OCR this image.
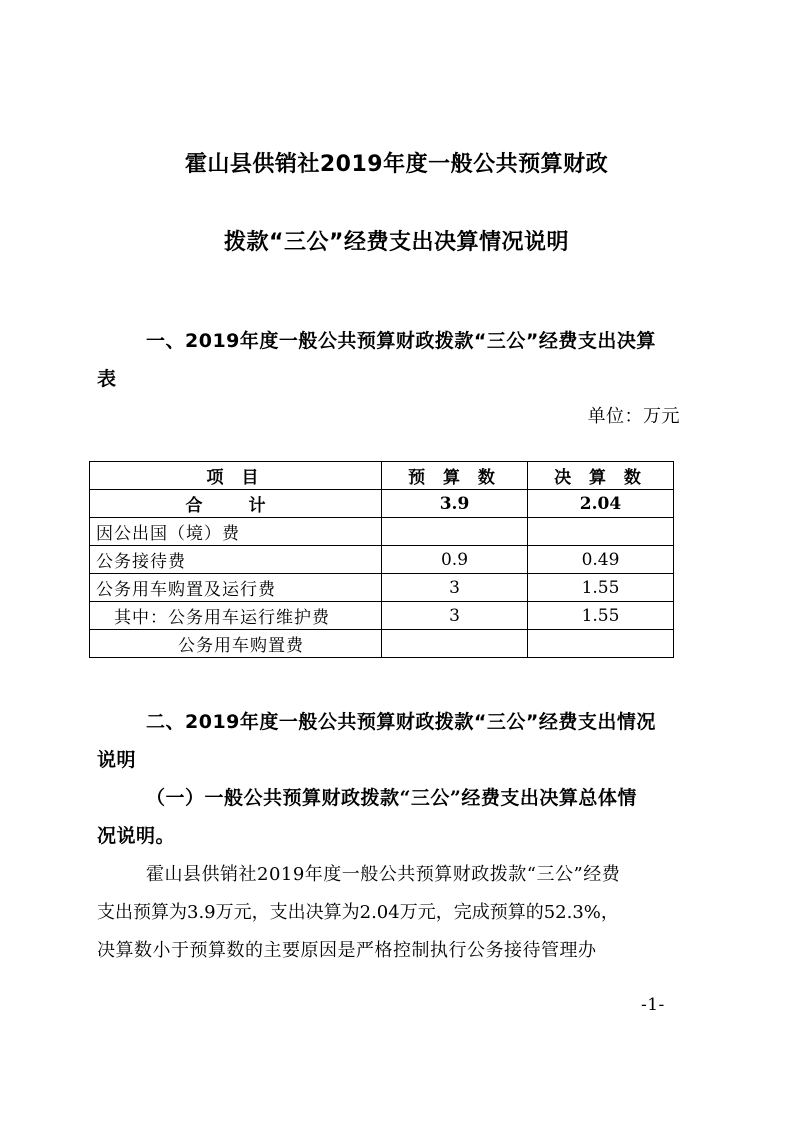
霍山县供销社2019年度一般公共预算财政
拨款“三公”经费支出决算情况说明
一、2019年度一般公共预算财政拨款“三公”经费支出决算
表
单位：万元
项 目	预 算 数	决 算 数
合 计	3.9	2.04
因公出国（境）费		
公务接待费	0.9	0.49
公务用车购置及运行费	3	1.55
其中：公务用车运行维护费	3	1.55
公务用车购置费		
二、2019年度一般公共预算财政拨款“三公”经费支出情况
说明
（一）一般公共预算财政拨款“三公”经费支出决算总体情
况说明。
霍山县供销社2019年度一般公共预算财政拨款“三公”经费
支出预算为3.9万元，支出决算为2.04万元，完成预算的52.3%，
决算数小于预算数的主要原因是严格控制执行公务接待管理办
-1-
